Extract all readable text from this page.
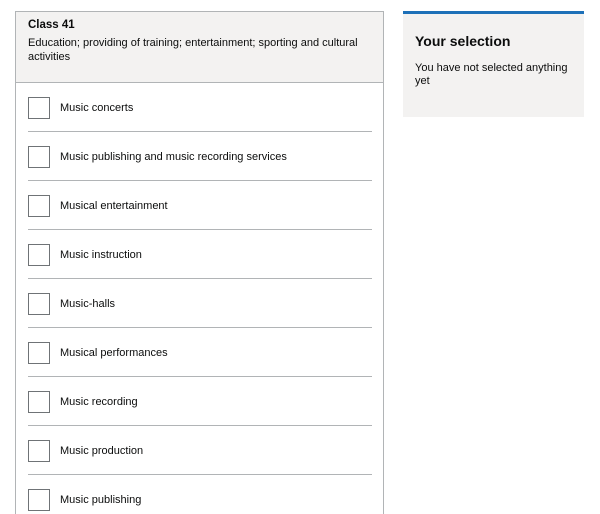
Class 41

Education; providing of training; entertainment; sporting and cultural activities

Music concerts
Music publishing and music recording services
Musical entertainment
Music instruction
Music-halls
Musical performances
Music recording
Music production
Music publishing
Your selection

You have not selected anything yet
